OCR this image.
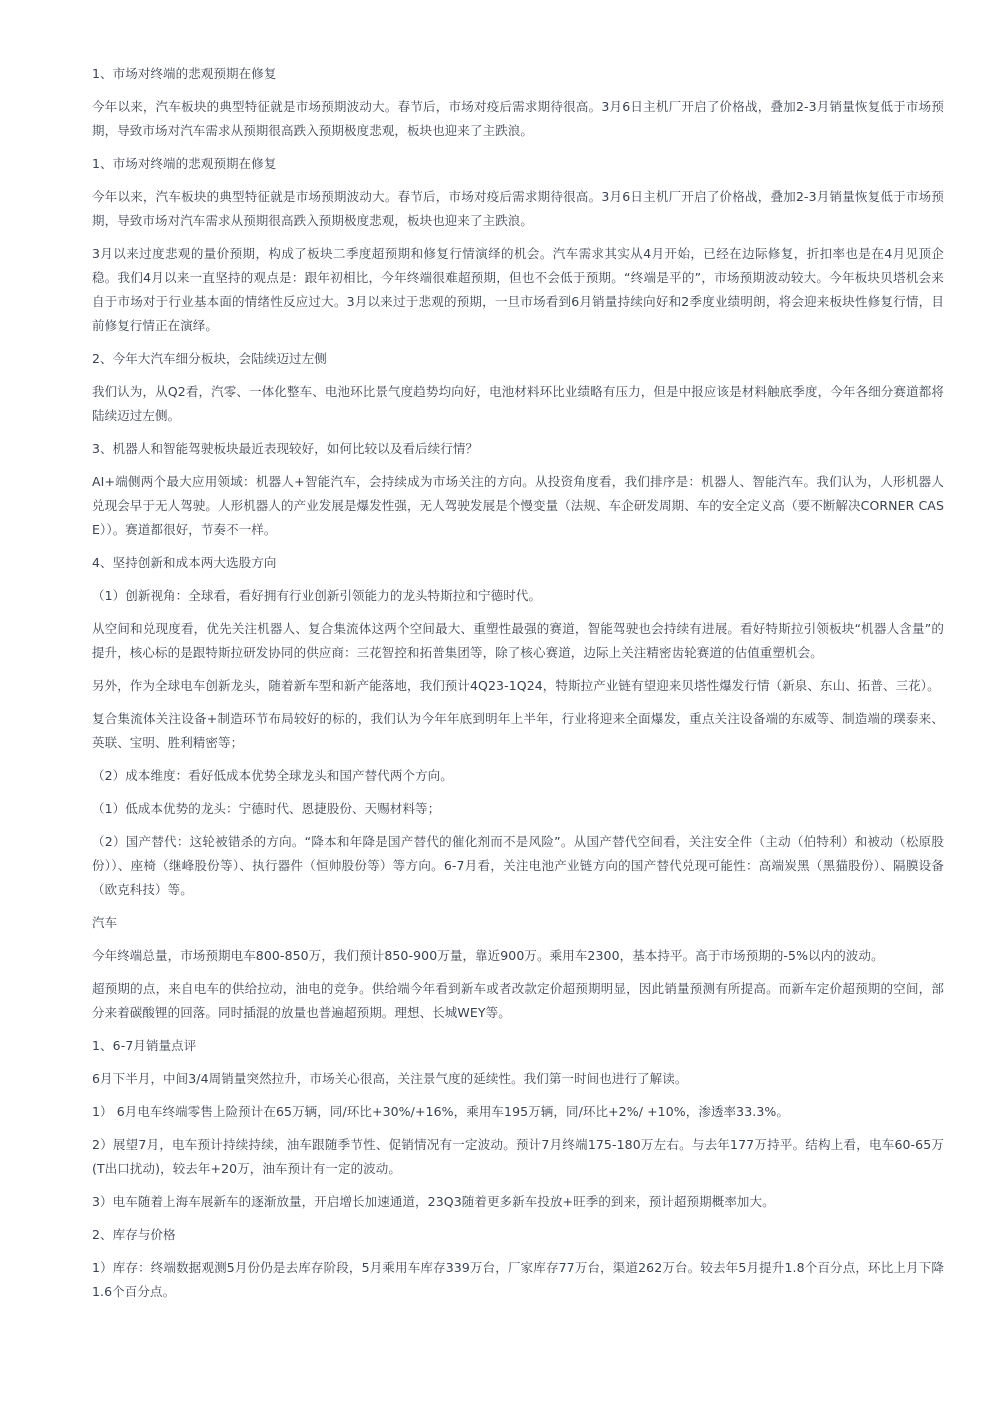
1、市场对终端的悲观预期在修复

今年以来，汽车板块的典型特征就是市场预期波动大。春节后，市场对疫后需求期待很高。3月6日主机厂开启了价格战，叠加2-3月销量恢复低于市场预期，导致市场对汽车需求从预期很高跌入预期极度悲观，板块也迎来了主跌浪。

1、市场对终端的悲观预期在修复

今年以来，汽车板块的典型特征就是市场预期波动大。春节后，市场对疫后需求期待很高。3月6日主机厂开启了价格战，叠加2-3月销量恢复低于市场预期，导致市场对汽车需求从预期很高跌入预期极度悲观，板块也迎来了主跌浪。

3月以来过度悲观的量价预期，构成了板块二季度超预期和修复行情演绎的机会。汽车需求其实从4月开始，已经在边际修复，折扣率也是在4月见顶企稳。我们4月以来一直坚持的观点是：跟年初相比，今年终端很难超预期，但也不会低于预期。“终端是平的”，市场预期波动较大。今年板块贝塔机会来自于市场对于行业基本面的情绪性反应过大。3月以来过于悲观的预期，一旦市场看到6月销量持续向好和2季度业绩明朗，将会迎来板块性修复行情，目前修复行情正在演绎。

2、今年大汽车细分板块，会陆续迈过左侧

我们认为，从Q2看，汽零、一体化整车、电池环比景气度趋势均向好，电池材料环比业绩略有压力，但是中报应该是材料触底季度，今年各细分赛道都将陆续迈过左侧。

3、机器人和智能驾驶板块最近表现较好，如何比较以及看后续行情？

AI+端侧两个最大应用领域：机器人+智能汽车，会持续成为市场关注的方向。从投资角度看，我们排序是：机器人、智能汽车。我们认为，人形机器人兑现会早于无人驾驶。人形机器人的产业发展是爆发性强，无人驾驶发展是个慢变量（法规、车企研发周期、车的安全定义高（要不断解决CORNER CASE））。赛道都很好，节奏不一样。

4、坚持创新和成本两大选股方向

（1）创新视角：全球看，看好拥有行业创新引领能力的龙头特斯拉和宁德时代。

从空间和兑现度看，优先关注机器人、复合集流体这两个空间最大、重塑性最强的赛道，智能驾驶也会持续有进展。看好特斯拉引领板块“机器人含量”的提升，核心标的是跟特斯拉研发协同的供应商：三花智控和拓普集团等，除了核心赛道，边际上关注精密齿轮赛道的估值重塑机会。

另外，作为全球电车创新龙头，随着新车型和新产能落地，我们预计4Q23-1Q24，特斯拉产业链有望迎来贝塔性爆发行情（新泉、东山、拓普、三花）。

复合集流体关注设备+制造环节布局较好的标的，我们认为今年年底到明年上半年，行业将迎来全面爆发，重点关注设备端的东威等、制造端的璞泰来、英联、宝明、胜利精密等；

（2）成本维度：看好低成本优势全球龙头和国产替代两个方向。

（1）低成本优势的龙头：宁德时代、恩捷股份、天赐材料等；

（2）国产替代：这轮被错杀的方向。“降本和年降是国产替代的催化剂而不是风险”。从国产替代空间看，关注安全件（主动（伯特利）和被动（松原股份））、座椅（继峰股份等）、执行器件（恒帅股份等）等方向。6-7月看，关注电池产业链方向的国产替代兑现可能性：高端炭黑（黑猫股份）、隔膜设备（欧克科技）等。

汽车

今年终端总量，市场预期电车800-850万，我们预计850-900万量，靠近900万。乘用车2300，基本持平。高于市场预期的-5%以内的波动。

超预期的点，来自电车的供给拉动，油电的竞争。供给端今年看到新车或者改款定价超预期明显，因此销量预测有所提高。而新车定价超预期的空间，部分来着碳酸锂的回落。同时插混的放量也普遍超预期。理想、长城WEY等。

1、6-7月销量点评

6月下半月，中间3/4周销量突然拉升，市场关心很高，关注景气度的延续性。我们第一时间也进行了解读。

1） 6月电车终端零售上险预计在65万辆，同/环比+30%/+16%，乘用车195万辆，同/环比+2%/ +10%，渗透率33.3%。

2）展望7月，电车预计持续持续，油车跟随季节性、促销情况有一定波动。预计7月终端175-180万左右。与去年177万持平。结构上看，电车60-65万 (T出口扰动)，较去年+20万，油车预计有一定的波动。

3）电车随着上海车展新车的逐渐放量，开启增长加速通道，23Q3随着更多新车投放+旺季的到来，预计超预期概率加大。

2、库存与价格

1）库存：终端数据观测5月份仍是去库存阶段，5月乘用车库存339万台，厂家库存77万台，渠道262万台。较去年5月提升1.8个百分点，环比上月下降1.6个百分点。
